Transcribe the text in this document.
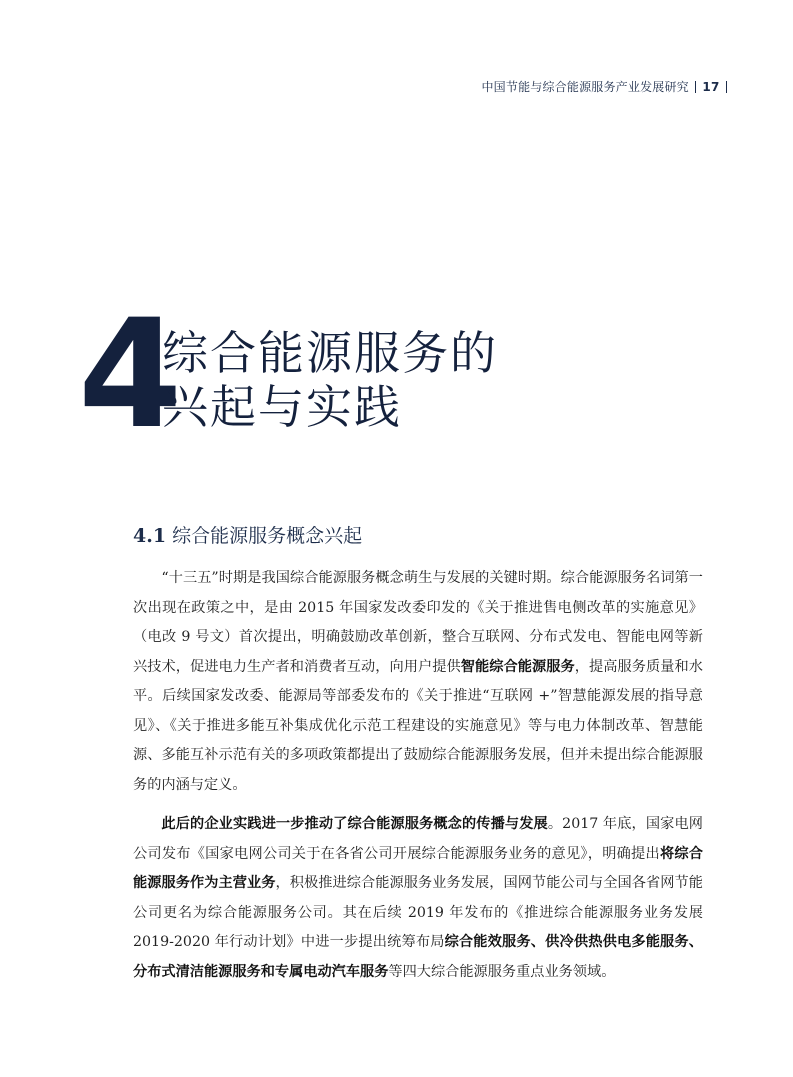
中国节能与综合能源服务产业发展研究 17
4
综合能源服务的
兴起与实践
4.1 综合能源服务概念兴起

“十三五”时期是我国综合能源服务概念萌生与发展的关键时期。综合能源服务名词第一次出现在政策之中，是由 2015 年国家发改委印发的《关于推进售电侧改革的实施意见》（电改 9 号文）首次提出，明确鼓励改革创新，整合互联网、分布式发电、智能电网等新兴技术，促进电力生产者和消费者互动，向用户提供智能综合能源服务，提高服务质量和水平。后续国家发改委、能源局等部委发布的《关于推进“互联网 +”智慧能源发展的指导意见》、《关于推进多能互补集成优化示范工程建设的实施意见》等与电力体制改革、智慧能源、多能互补示范有关的多项政策都提出了鼓励综合能源服务发展，但并未提出综合能源服务的内涵与定义。

此后的企业实践进一步推动了综合能源服务概念的传播与发展。2017 年底，国家电网公司发布《国家电网公司关于在各省公司开展综合能源服务业务的意见》，明确提出将综合能源服务作为主营业务，积极推进综合能源服务业务发展，国网节能公司与全国各省网节能公司更名为综合能源服务公司。其在后续 2019 年发布的《推进综合能源服务业务发展 2019-2020 年行动计划》中进一步提出统筹布局综合能效服务、供冷供热供电多能服务、分布式清洁能源服务和专属电动汽车服务等四大综合能源服务重点业务领域。
